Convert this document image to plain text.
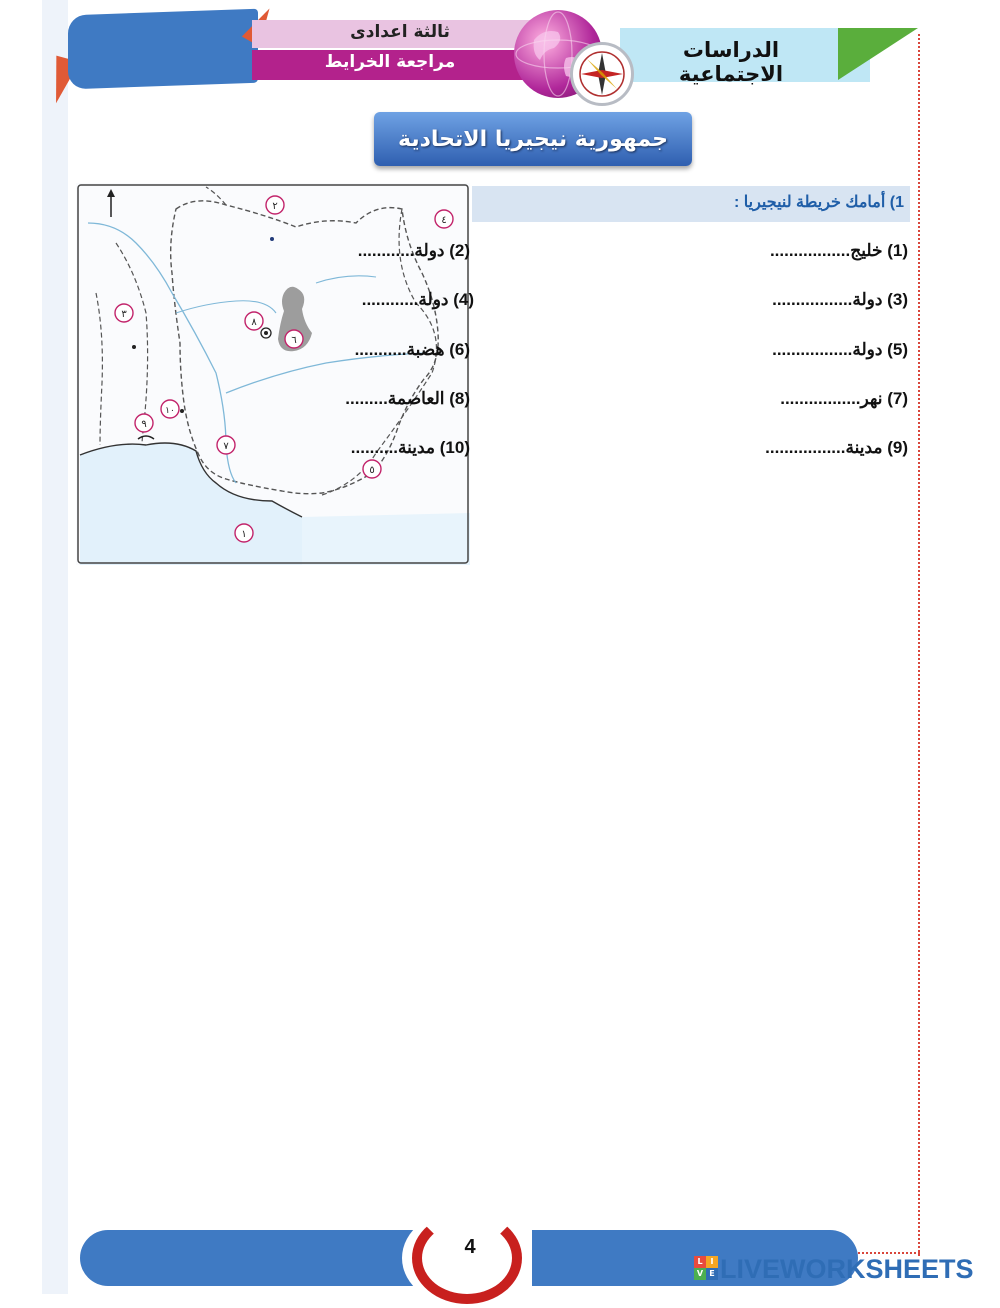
ثالثة اعدادى
مراجعة الخرايط	الدراسات الاجتماعية
جمهورية نيجيريا الاتحادية
١
٢
٣
٤
٥
٦
٧
٨
٩
١٠
1) أمامك خريطة لنيجيريا :
(1) خليج.................
(2) دولة............
(3) دولة.................
(4) دولة............
(5) دولة.................
(6) هضبة...........
(7) نهر.................
(8) العاصمة.........
(9) مدينة.................
(10) مدينة..........
4
L I
V E LIVEWORKSHEETS
